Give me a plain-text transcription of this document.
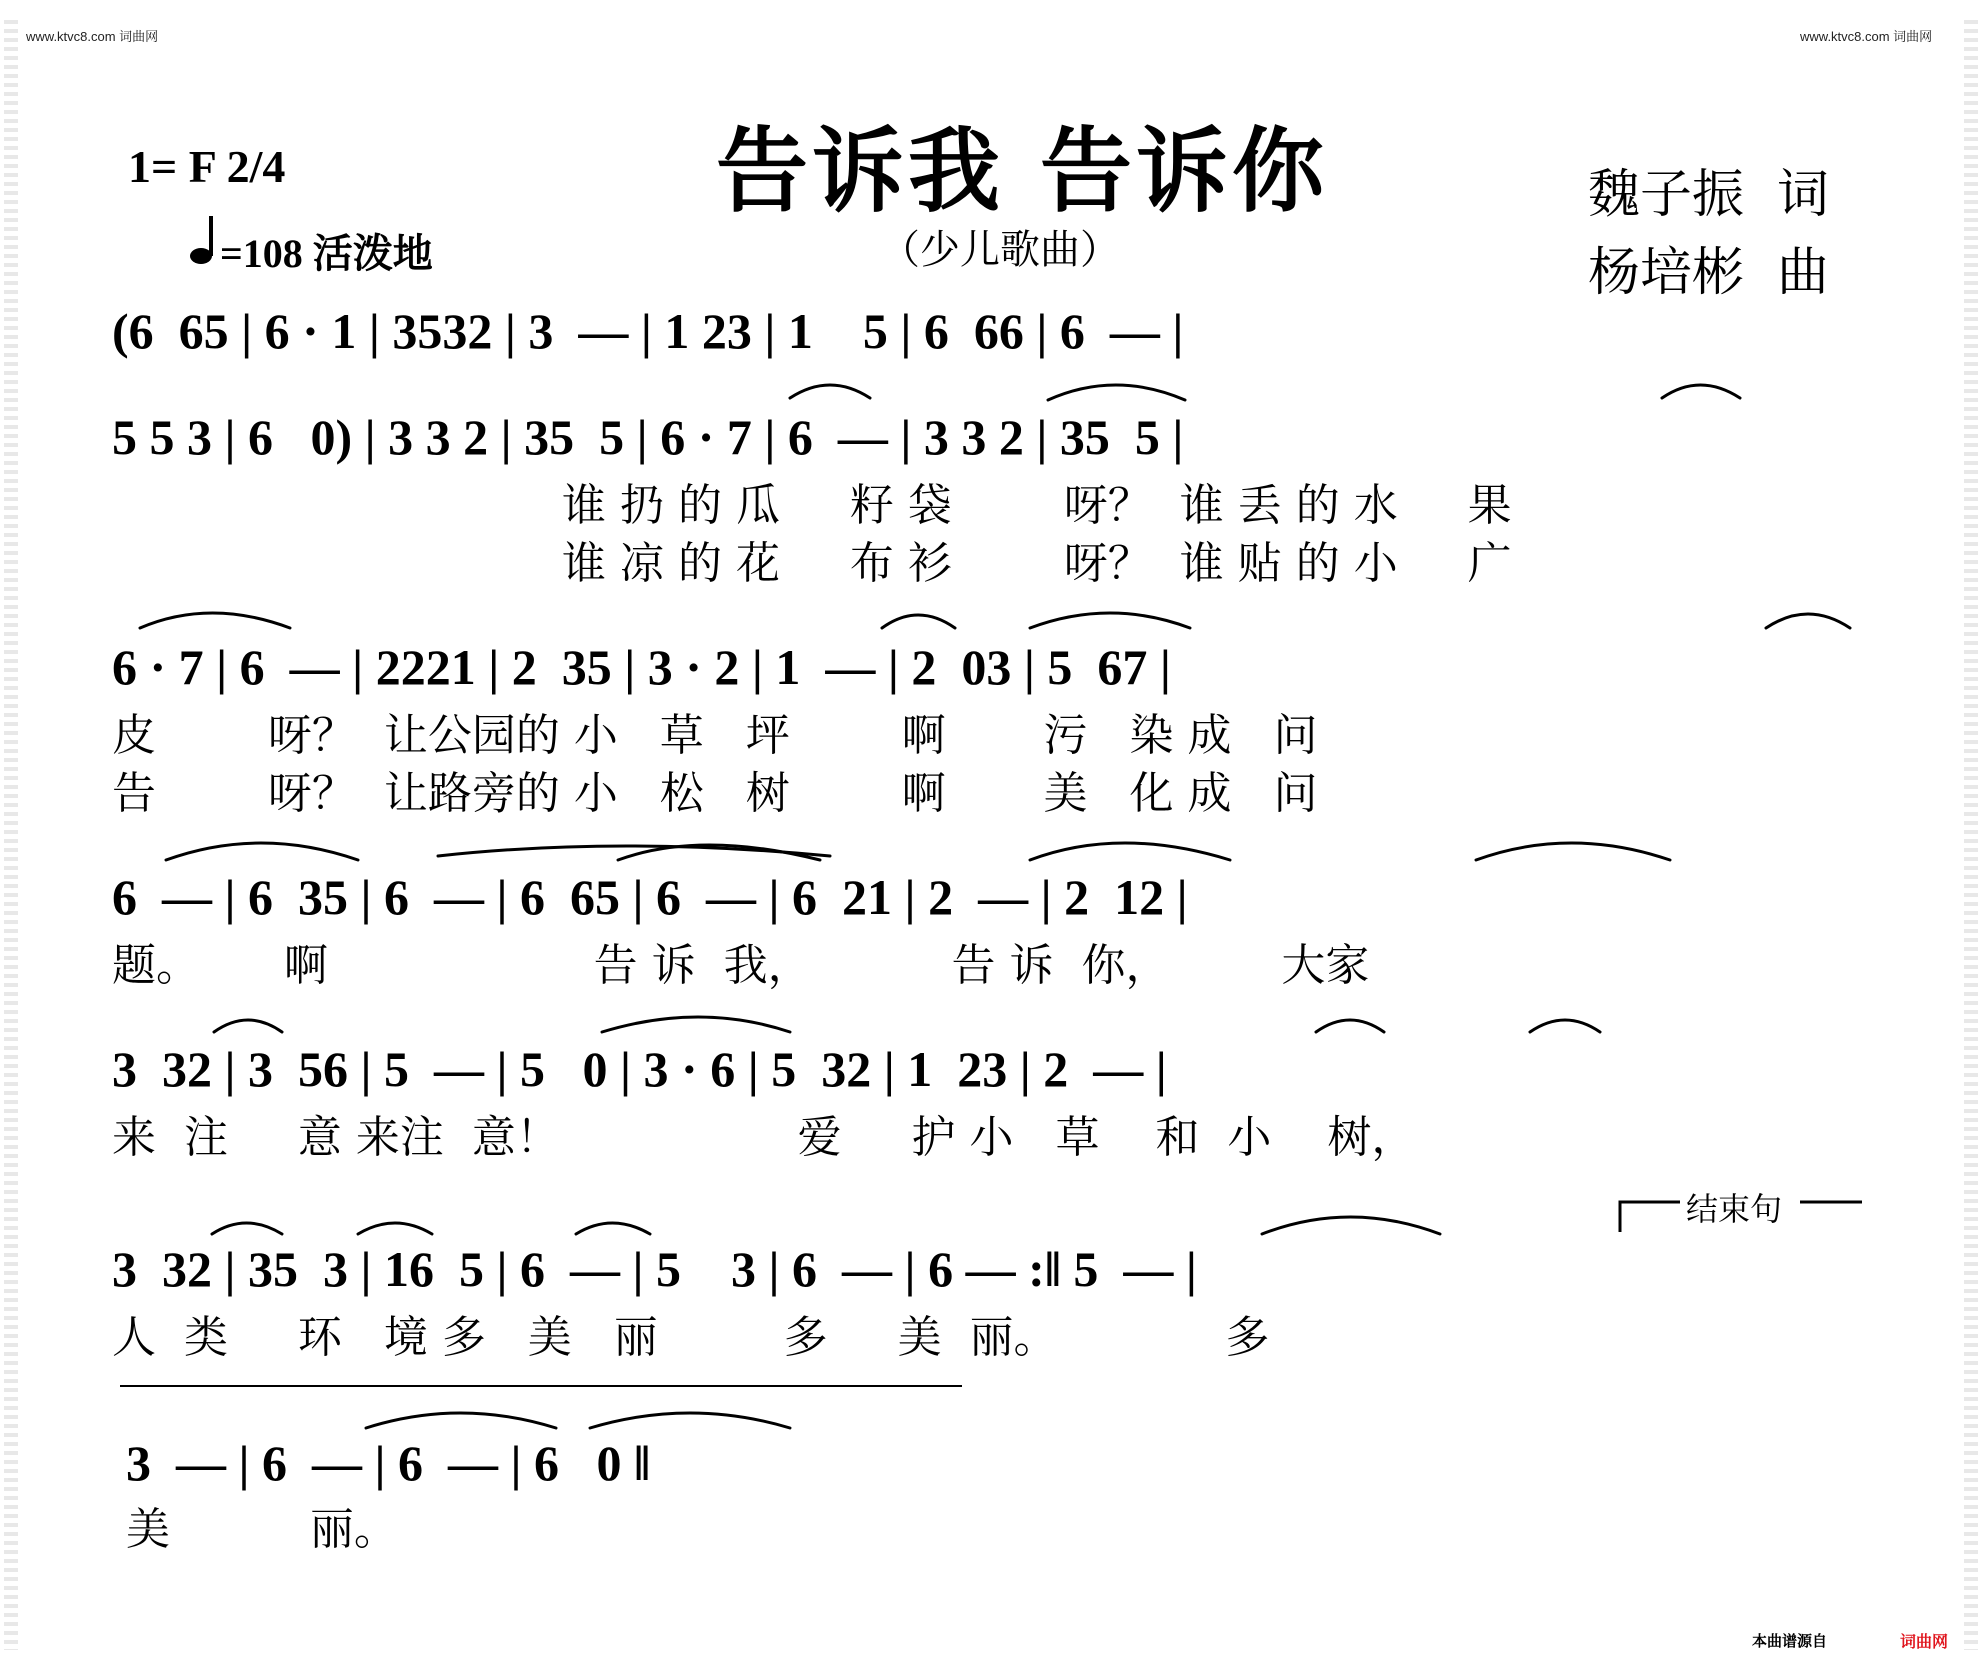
www.ktvc8.com 词曲网	www.ktvc8.com 词曲网
告诉我 告诉你
（少儿歌曲）
1= F 2/4

=108 活泼地
魏子振  词
杨培彬  曲
(6  65 | 6 · 1 | 3532 | 3  — | 1 23 | 1    5 | 6  66 | 6  — |
5 5 3 | 6   0) | 3 3 2 | 35  5 | 6 · 7 | 6  — | 3 3 2 | 35  5 |
谁 扔 的 瓜     籽 袋        呀？  谁 丢 的 水     果
谁 凉 的 花     布 衫        呀？  谁 贴 的 小     广
6 · 7 | 6  — | 2221 | 2  35 | 3 · 2 | 1  — | 2  03 | 5  67 |
皮        呀？  让公园的 小   草   坪        啊       污   染 成   问
告        呀？  让路旁的 小   松   树        啊       美   化 成   问
6  — | 6  35 | 6  — | 6  65 | 6  — | 6  21 | 2  — | 2  12 |
题。      啊                   告 诉  我，          告 诉  你，        大家
3  32 | 3  56 | 5  — | 5   0 | 3 · 6 | 5  32 | 1  23 | 2  — |
来  注     意 来注  意！                 爱     护 小   草    和  小    树，
结束句
3  32 | 35  3 | 16  5 | 6  — | 5    3 | 6  — | 6 — :‖ 5  — |
人  类     环   境 多   美   丽         多     美  丽。            多
3  — | 6  — | 6  — | 6   0 ‖
美          丽。
本曲谱源自	词曲网
